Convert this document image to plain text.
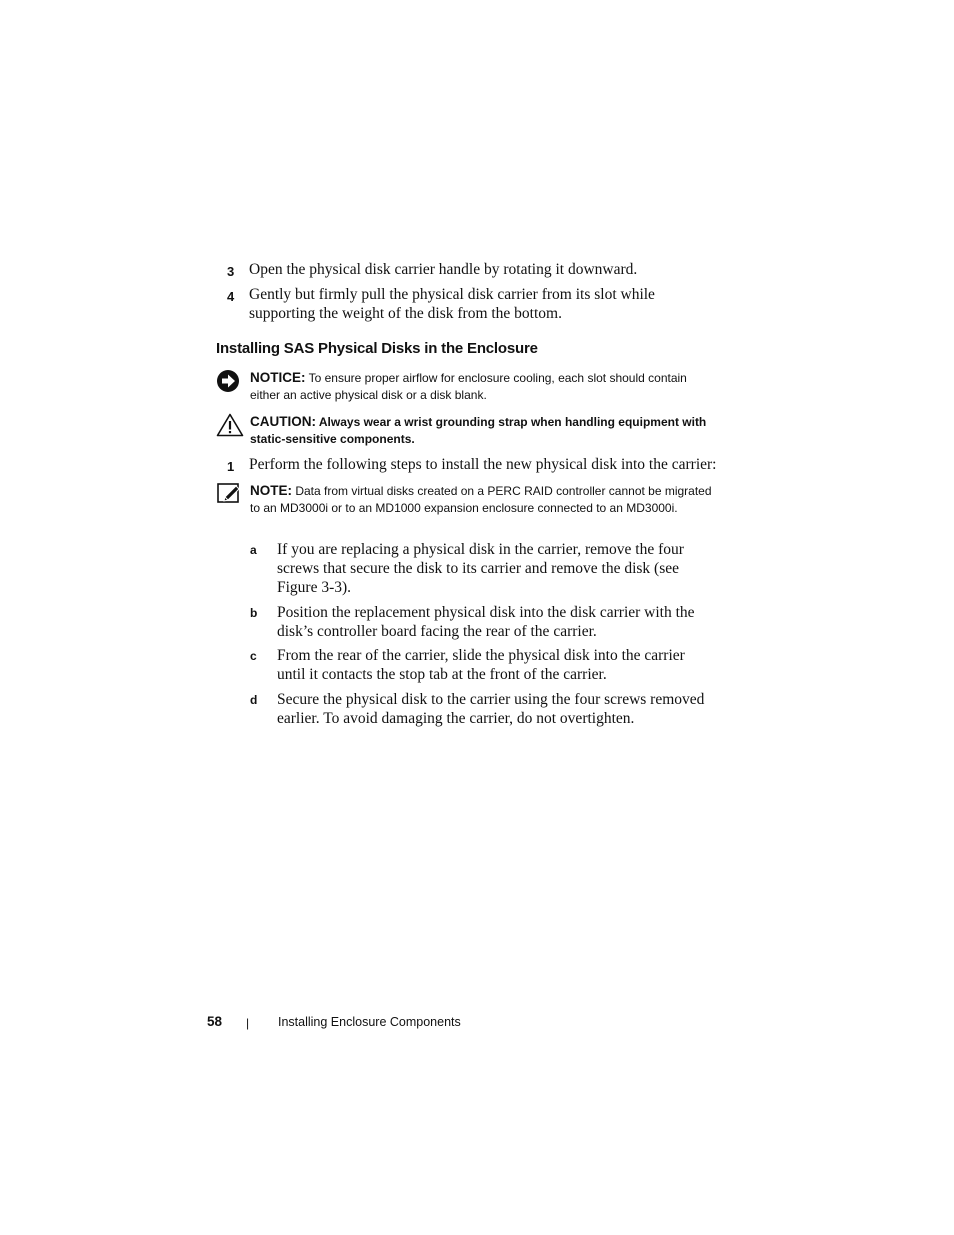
3 Open the physical disk carrier handle by rotating it downward.
4 Gently but firmly pull the physical disk carrier from its slot while supporting the weight of the disk from the bottom.
Installing SAS Physical Disks in the Enclosure
NOTICE: To ensure proper airflow for enclosure cooling, each slot should contain either an active physical disk or a disk blank.
CAUTION: Always wear a wrist grounding strap when handling equipment with static-sensitive components.
1 Perform the following steps to install the new physical disk into the carrier:
NOTE: Data from virtual disks created on a PERC RAID controller cannot be migrated to an MD3000i or to an MD1000 expansion enclosure connected to an MD3000i.
a If you are replacing a physical disk in the carrier, remove the four screws that secure the disk to its carrier and remove the disk (see Figure 3-3).
b Position the replacement physical disk into the disk carrier with the disk’s controller board facing the rear of the carrier.
c From the rear of the carrier, slide the physical disk into the carrier until it contacts the stop tab at the front of the carrier.
d Secure the physical disk to the carrier using the four screws removed earlier. To avoid damaging the carrier, do not overtighten.
58 | Installing Enclosure Components
